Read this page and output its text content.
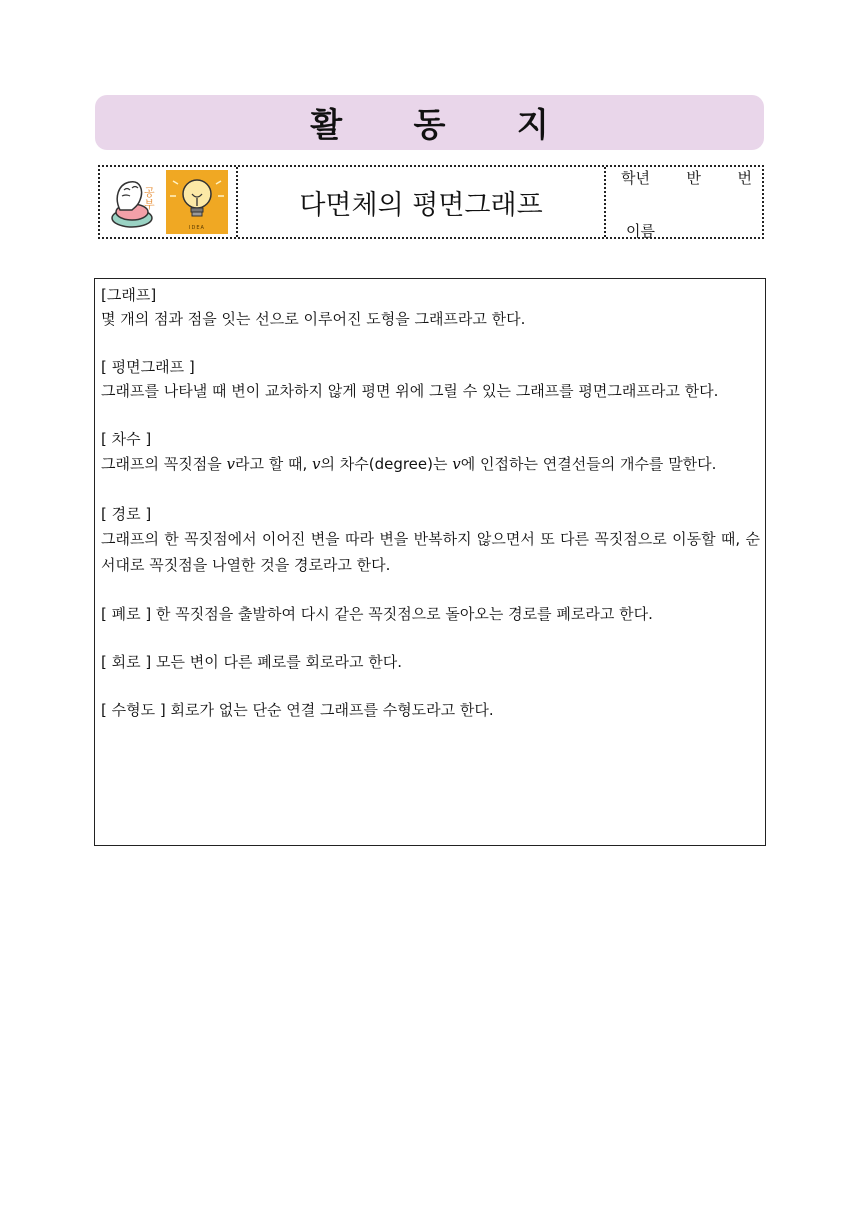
활 동 지
공
부
IDEA
다면체의 평면그래프
학년 반 번
이름

[그래프]

몇 개의 점과 점을 잇는 선으로 이루어진 도형을 그래프라고 한다.

[ 평면그래프 ]

그래프를 나타낼 때 변이 교차하지 않게 평면 위에 그릴 수 있는 그래프를 평면그래프라고 한다.

[ 차수 ]

그래프의 꼭짓점을 v라고 할 때, v의 차수(degree)는 v에 인접하는 연결선들의 개수를 말한다.

[ 경로 ]

그래프의 한 꼭짓점에서 이어진 변을 따라 변을 반복하지 않으면서 또 다른 꼭짓점으로 이동할 때, 순서대로 꼭짓점을 나열한 것을 경로라고 한다.

[ 폐로 ] 한 꼭짓점을 출발하여 다시 같은 꼭짓점으로 돌아오는 경로를 폐로라고 한다.

[ 회로 ] 모든 변이 다른 폐로를 회로라고 한다.

[ 수형도 ] 회로가 없는 단순 연결 그래프를 수형도라고 한다.
